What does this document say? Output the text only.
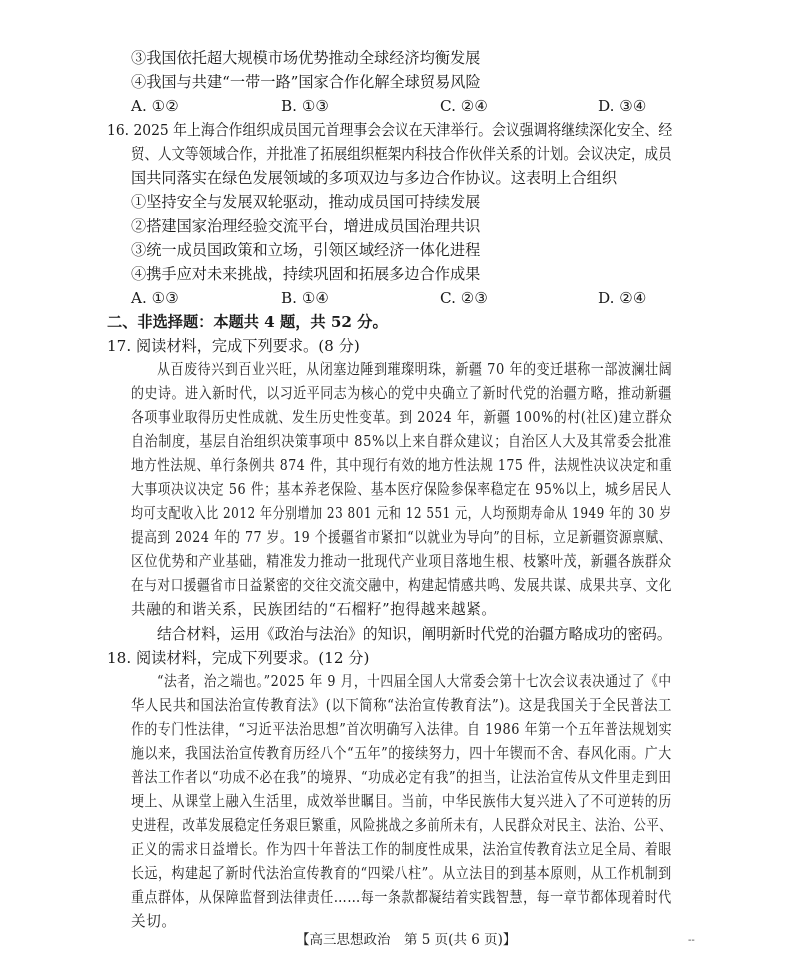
③我国依托超大规模市场优势推动全球经济均衡发展
④我国与共建“一带一路”国家合作化解全球贸易风险
A. ①②	B. ①③	C. ②④	D. ③④
16. 2025 年上海合作组织成员国元首理事会会议在天津举行。会议强调将继续深化安全、经
贸、人文等领域合作，并批准了拓展组织框架内科技合作伙伴关系的计划。会议决定，成员
国共同落实在绿色发展领域的多项双边与多边合作协议。这表明上合组织
①坚持安全与发展双轮驱动，推动成员国可持续发展
②搭建国家治理经验交流平台，增进成员国治理共识
③统一成员国政策和立场，引领区域经济一体化进程
④携手应对未来挑战，持续巩固和拓展多边合作成果
A. ①③	B. ①④	C. ②③	D. ②④
二、非选择题：本题共 4 题，共 52 分。
17. 阅读材料，完成下列要求。(8 分)
从百废待兴到百业兴旺，从闭塞边陲到璀璨明珠，新疆 70 年的变迁堪称一部波澜壮阔
的史诗。进入新时代，以习近平同志为核心的党中央确立了新时代党的治疆方略，推动新疆
各项事业取得历史性成就、发生历史性变革。到 2024 年，新疆 100%的村(社区)建立群众
自治制度，基层自治组织决策事项中 85%以上来自群众建议；自治区人大及其常委会批准
地方性法规、单行条例共 874 件，其中现行有效的地方性法规 175 件，法规性决议决定和重
大事项决议决定 56 件；基本养老保险、基本医疗保险参保率稳定在 95%以上，城乡居民人
均可支配收入比 2012 年分别增加 23 801 元和 12 551 元，人均预期寿命从 1949 年的 30 岁
提高到 2024 年的 77 岁。19 个援疆省市紧扣“以就业为导向”的目标，立足新疆资源禀赋、
区位优势和产业基础，精准发力推动一批现代产业项目落地生根、枝繁叶茂，新疆各族群众
在与对口援疆省市日益紧密的交往交流交融中，构建起情感共鸣、发展共谋、成果共享、文化
共融的和谐关系，民族团结的“石榴籽”抱得越来越紧。
结合材料，运用《政治与法治》的知识，阐明新时代党的治疆方略成功的密码。
18. 阅读材料，完成下列要求。(12 分)
“法者，治之端也。”2025 年 9 月，十四届全国人大常委会第十七次会议表决通过了《中
华人民共和国法治宣传教育法》(以下简称“法治宣传教育法”)。这是我国关于全民普法工
作的专门性法律，“习近平法治思想”首次明确写入法律。自 1986 年第一个五年普法规划实
施以来，我国法治宣传教育历经八个“五年”的接续努力，四十年锲而不舍、春风化雨。广大
普法工作者以“功成不必在我”的境界、“功成必定有我”的担当，让法治宣传从文件里走到田
埂上、从课堂上融入生活里，成效举世瞩目。当前，中华民族伟大复兴进入了不可逆转的历
史进程，改革发展稳定任务艰巨繁重，风险挑战之多前所未有，人民群众对民主、法治、公平、
正义的需求日益增长。作为四十年普法工作的制度性成果，法治宣传教育法立足全局、着眼
长远，构建起了新时代法治宣传教育的“四梁八柱”。从立法目的到基本原则，从工作机制到
重点群体，从保障监督到法律责任……每一条款都凝结着实践智慧，每一章节都体现着时代
关切。
【高三思想政治　第 5 页(共 6 页)】	--
